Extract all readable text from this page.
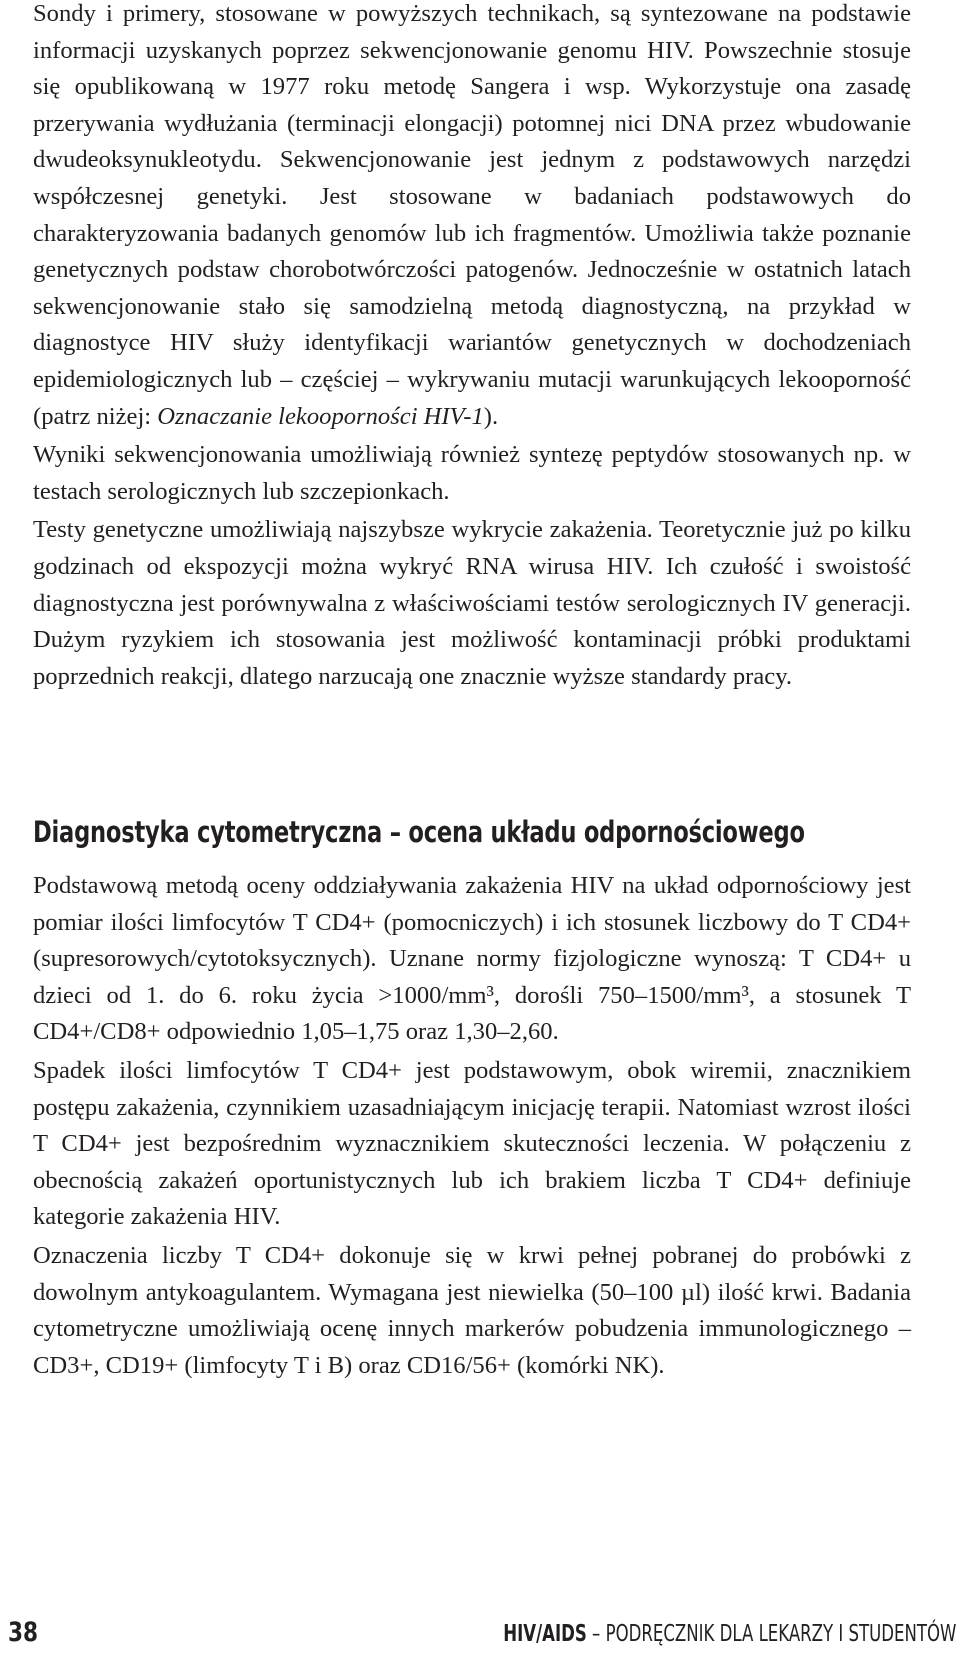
Sondy i primery, stosowane w powyższych technikach, są syntezowane na podstawie informacji uzyskanych poprzez sekwencjonowanie genomu HIV. Powszechnie stosuje się opublikowaną w 1977 roku metodę Sangera i wsp. Wykorzystuje ona zasadę przerywania wydłużania (terminacji elongacji) potomnej nici DNA przez wbudowanie dwudeoksynukleotydu. Sekwencjonowanie jest jednym z podstawowych narzędzi współczesnej genetyki. Jest stosowane w badaniach podstawowych do charakteryzowania badanych genomów lub ich fragmentów. Umożliwia także poznanie genetycznych podstaw chorobotwórczości patogenów. Jednocześnie w ostatnich latach sekwencjonowanie stało się samodzielną metodą diagnostyczną, na przykład w diagnostyce HIV służy identyfikacji wariantów genetycznych w dochodzeniach epidemiologicznych lub – częściej – wykrywaniu mutacji warunkujących lekooporność (patrz niżej: Oznaczanie lekooporności HIV-1).

Wyniki sekwencjonowania umożliwiają również syntezę peptydów stosowanych np. w testach serologicznych lub szczepionkach.

Testy genetyczne umożliwiają najszybsze wykrycie zakażenia. Teoretycznie już po kilku godzinach od ekspozycji można wykryć RNA wirusa HIV. Ich czułość i swoistość diagnostyczna jest porównywalna z właściwościami testów serologicznych IV generacji. Dużym ryzykiem ich stosowania jest możliwość kontaminacji próbki produktami poprzednich reakcji, dlatego narzucają one znacznie wyższe standardy pracy.

Diagnostyka cytometryczna – ocena układu odpornościowego

Podstawową metodą oceny oddziaływania zakażenia HIV na układ odpornościowy jest pomiar ilości limfocytów T CD4+ (pomocniczych) i ich stosunek liczbowy do T CD4+ (supresorowych/cytotoksycznych). Uznane normy fizjologiczne wynoszą: T CD4+ u dzieci od 1. do 6. roku życia >1000/mm³, dorośli 750–1500/mm³, a stosunek T CD4+/CD8+ odpowiednio 1,05–1,75 oraz 1,30–2,60.

Spadek ilości limfocytów T CD4+ jest podstawowym, obok wiremii, znacznikiem postępu zakażenia, czynnikiem uzasadniającym inicjację terapii. Natomiast wzrost ilości T CD4+ jest bezpośrednim wyznacznikiem skuteczności leczenia. W połączeniu z obecnością zakażeń oportunistycznych lub ich brakiem liczba T CD4+ definiuje kategorie zakażenia HIV.

Oznaczenia liczby T CD4+ dokonuje się w krwi pełnej pobranej do probówki z dowolnym antykoagulantem. Wymagana jest niewielka (50–100 µl) ilość krwi. Badania cytometryczne umożliwiają ocenę innych markerów pobudzenia immunologicznego – CD3+, CD19+ (limfocyty T i B) oraz CD16/56+ (komórki NK).

38	HIV/AIDS – PODRĘCZNIK DLA LEKARZY I STUDENTÓW
